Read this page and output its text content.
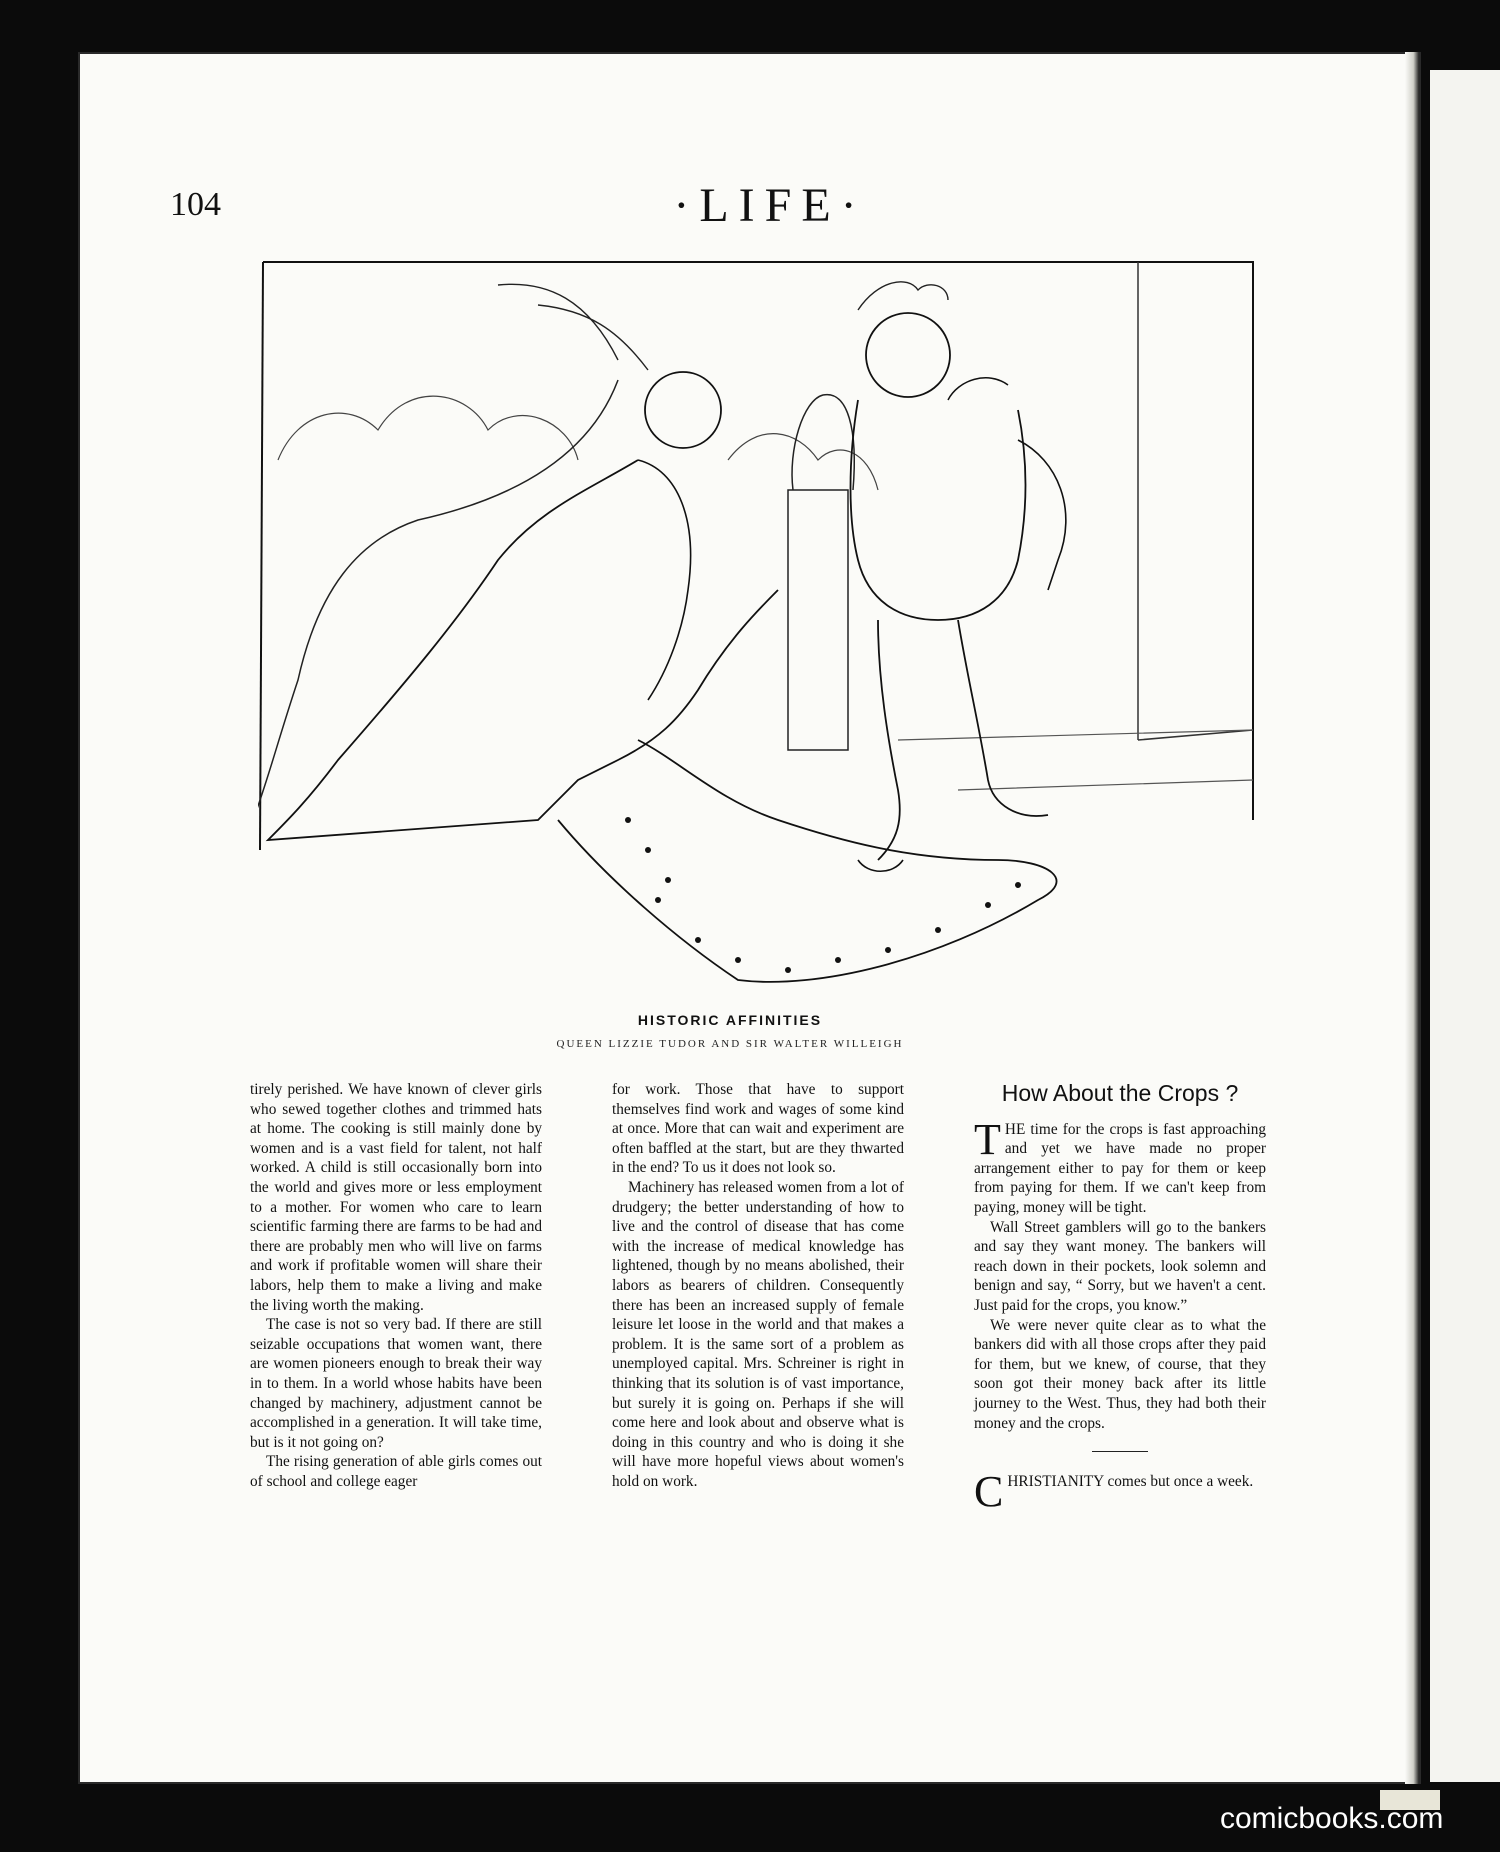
104	·LIFE·
HISTORIC AFFINITIES
QUEEN LIZZIE TUDOR AND SIR WALTER WILLEIGH

tirely perished. We have known of clever girls who sewed together clothes and trimmed hats at home. The cooking is still mainly done by women and is a vast field for talent, not half worked. A child is still occasionally born into the world and gives more or less employment to a mother. For women who care to learn scientific farming there are farms to be had and there are probably men who will live on farms and work if profitable women will share their labors, help them to make a living and make the living worth the making.

The case is not so very bad. If there are still seizable occupations that women want, there are women pioneers enough to break their way in to them. In a world whose habits have been changed by machinery, adjustment cannot be accomplished in a generation. It will take time, but is it not going on?

The rising generation of able girls comes out of school and college eager

for work. Those that have to support themselves find work and wages of some kind at once. More that can wait and experiment are often baffled at the start, but are they thwarted in the end? To us it does not look so.

Machinery has released women from a lot of drudgery; the better understanding of how to live and the control of disease that has come with the increase of medical knowledge has lightened, though by no means abolished, their labors as bearers of children. Consequently there has been an increased supply of female leisure let loose in the world and that makes a problem. It is the same sort of a problem as unemployed capital. Mrs. Schreiner is right in thinking that its solution is of vast importance, but surely it is going on. Perhaps if she will come here and look about and observe what is doing in this country and who is doing it she will have more hopeful views about women's hold on work.

How About the Crops ?

THE time for the crops is fast approaching and yet we have made no proper arrangement either to pay for them or keep from paying for them. If we can't keep from paying, money will be tight.

Wall Street gamblers will go to the bankers and say they want money. The bankers will reach down in their pockets, look solemn and benign and say, “ Sorry, but we haven't a cent. Just paid for the crops, you know.”

We were never quite clear as to what the bankers did with all those crops after they paid for them, but we knew, of course, that they soon got their money back after its little journey to the West. Thus, they had both their money and the crops.

CHRISTIANITY comes but once a week.

comicbooks.com
